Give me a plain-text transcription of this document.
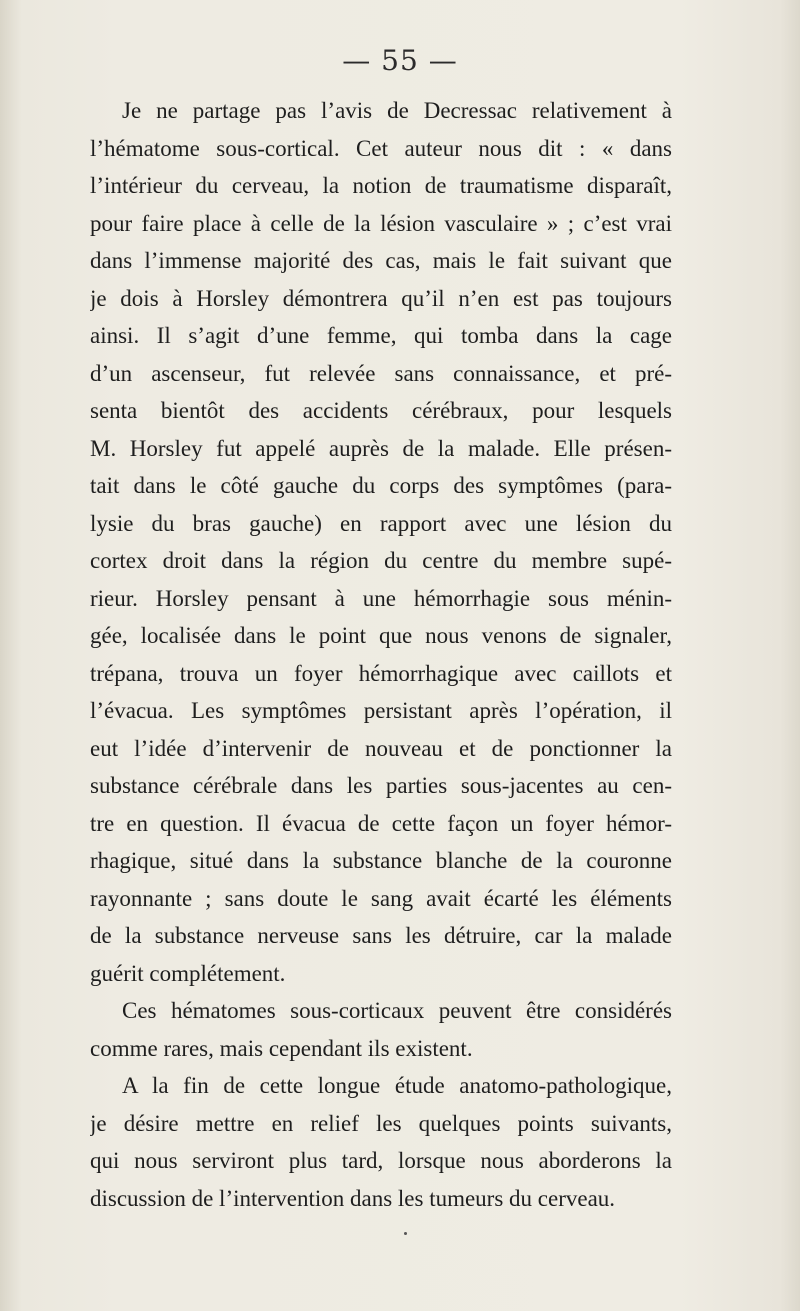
— 55 —

Je ne partage pas l’avis de Decressac relativement à
l’hématome sous-cortical. Cet auteur nous dit : « dans
l’intérieur du cerveau, la notion de traumatisme disparaît,
pour faire place à celle de la lésion vasculaire » ; c’est vrai
dans l’immense majorité des cas, mais le fait suivant que
je dois à Horsley démontrera qu’il n’en est pas toujours
ainsi. Il s’agit d’une femme, qui tomba dans la cage
d’un ascenseur, fut relevée sans connaissance, et pré-
senta bientôt des accidents cérébraux, pour lesquels
M. Horsley fut appelé auprès de la malade. Elle présen-
tait dans le côté gauche du corps des symptômes (para-
lysie du bras gauche) en rapport avec une lésion du
cortex droit dans la région du centre du membre supé-
rieur. Horsley pensant à une hémorrhagie sous ménin-
gée, localisée dans le point que nous venons de signaler,
trépana, trouva un foyer hémorrhagique avec caillots et
l’évacua. Les symptômes persistant après l’opération, il
eut l’idée d’intervenir de nouveau et de ponctionner la
substance cérébrale dans les parties sous-jacentes au cen-
tre en question. Il évacua de cette façon un foyer hémor-
rhagique, situé dans la substance blanche de la couronne
rayonnante ; sans doute le sang avait écarté les éléments
de la substance nerveuse sans les détruire, car la malade
guérit complétement.

Ces hématomes sous-corticaux peuvent être considérés
comme rares, mais cependant ils existent.

A la fin de cette longue étude anatomo-pathologique,
je désire mettre en relief les quelques points suivants,
qui nous serviront plus tard, lorsque nous aborderons la
discussion de l’intervention dans les tumeurs du cerveau.
